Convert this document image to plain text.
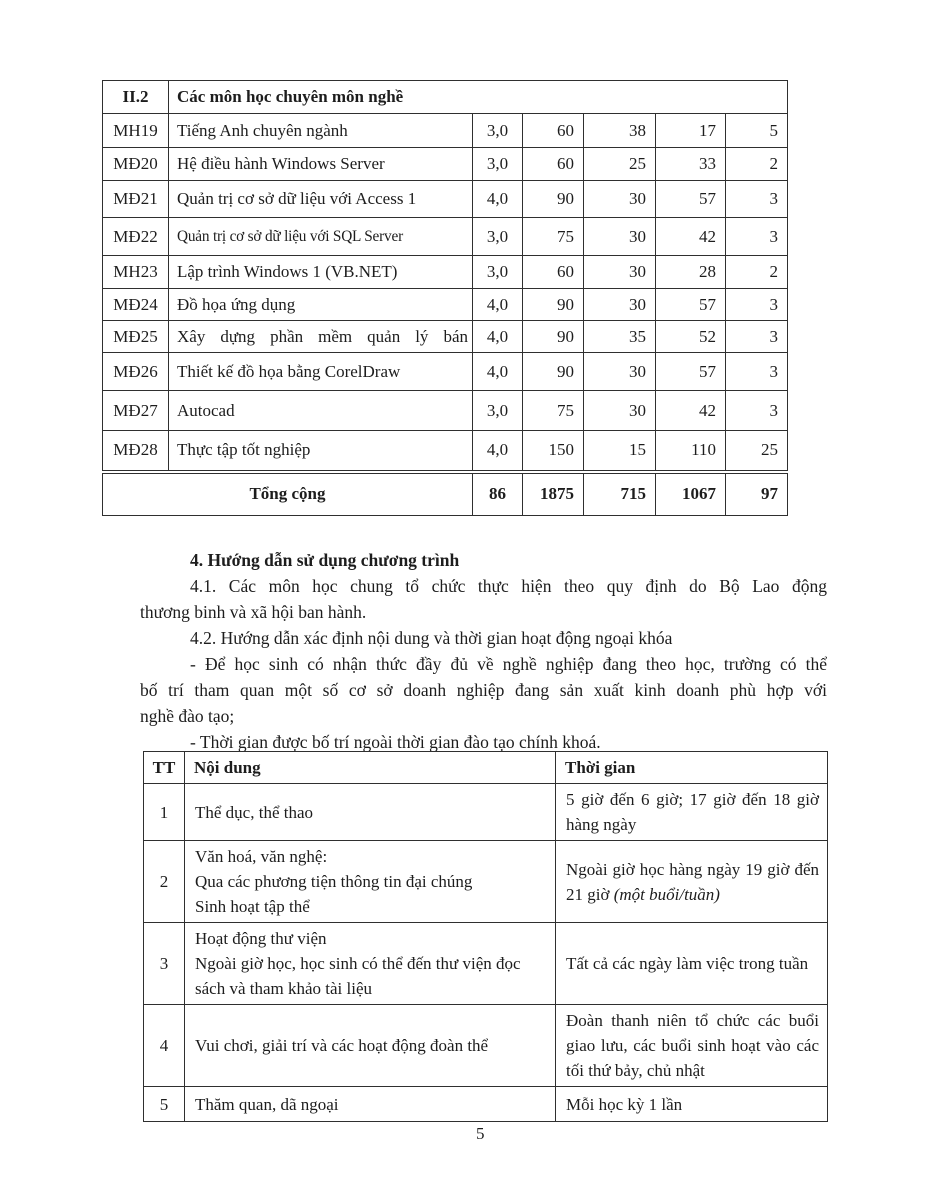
II.2	Các môn học chuyên môn nghề					
MH19	Tiếng Anh chuyên ngành	3,0	60	38	17	5
MĐ20	Hệ điều hành Windows Server	3,0	60	25	33	2
MĐ21	Quản trị cơ sở dữ liệu với Access 1	4,0	90	30	57	3
MĐ22	Quản trị cơ sở dữ liệu với SQL Server	3,0	75	30	42	3
MH23	Lập trình Windows 1 (VB.NET)	3,0	60	30	28	2
MĐ24	Đồ họa ứng dụng	4,0	90	30	57	3
MĐ25	Xây dựng phần mềm quản lý bán	4,0	90	35	52	3
MĐ26	Thiết kế đồ họa bằng CorelDraw	4,0	90	30	57	3
MĐ27	Autocad	3,0	75	30	42	3
MĐ28	Thực tập tốt nghiệp	4,0	150	15	110	25
Tổng cộng		86	1875	715	1067	97
4. Hướng dẫn sử dụng chương trình
4.1. Các môn học chung tổ chức thực hiện theo quy định do Bộ Lao động
thương binh và xã hội ban hành.
4.2. Hướng dẫn xác định nội dung và thời gian hoạt động ngoại khóa
- Để học sinh có nhận thức đầy đủ về nghề nghiệp đang theo học, trường có thể
bố trí tham quan một số cơ sở doanh nghiệp đang sản xuất kinh doanh phù hợp với
nghề đào tạo;
- Thời gian được bố trí ngoài thời gian đào tạo chính khoá.
TT	Nội dung	Thời gian
1	Thể dục, thể thao	5 giờ đến 6 giờ; 17 giờ đến 18 giờ hàng ngày
2	Văn hoá, văn nghệ:
Qua các phương tiện thông tin đại chúng
Sinh hoạt tập thể	Ngoài giờ học hàng ngày 19 giờ đến 21 giờ (một buổi/tuần)
3	Hoạt động thư viện
Ngoài giờ học, học sinh có thể đến thư viện đọc sách và tham khảo tài liệu	Tất cả các ngày làm việc trong tuần
4	Vui chơi, giải trí và các hoạt động đoàn thể	Đoàn thanh niên tổ chức các buổi giao lưu, các buổi sinh hoạt vào các tối thứ bảy, chủ nhật
5	Thăm quan, dã ngoại	Mỗi học kỳ 1 lần
5
